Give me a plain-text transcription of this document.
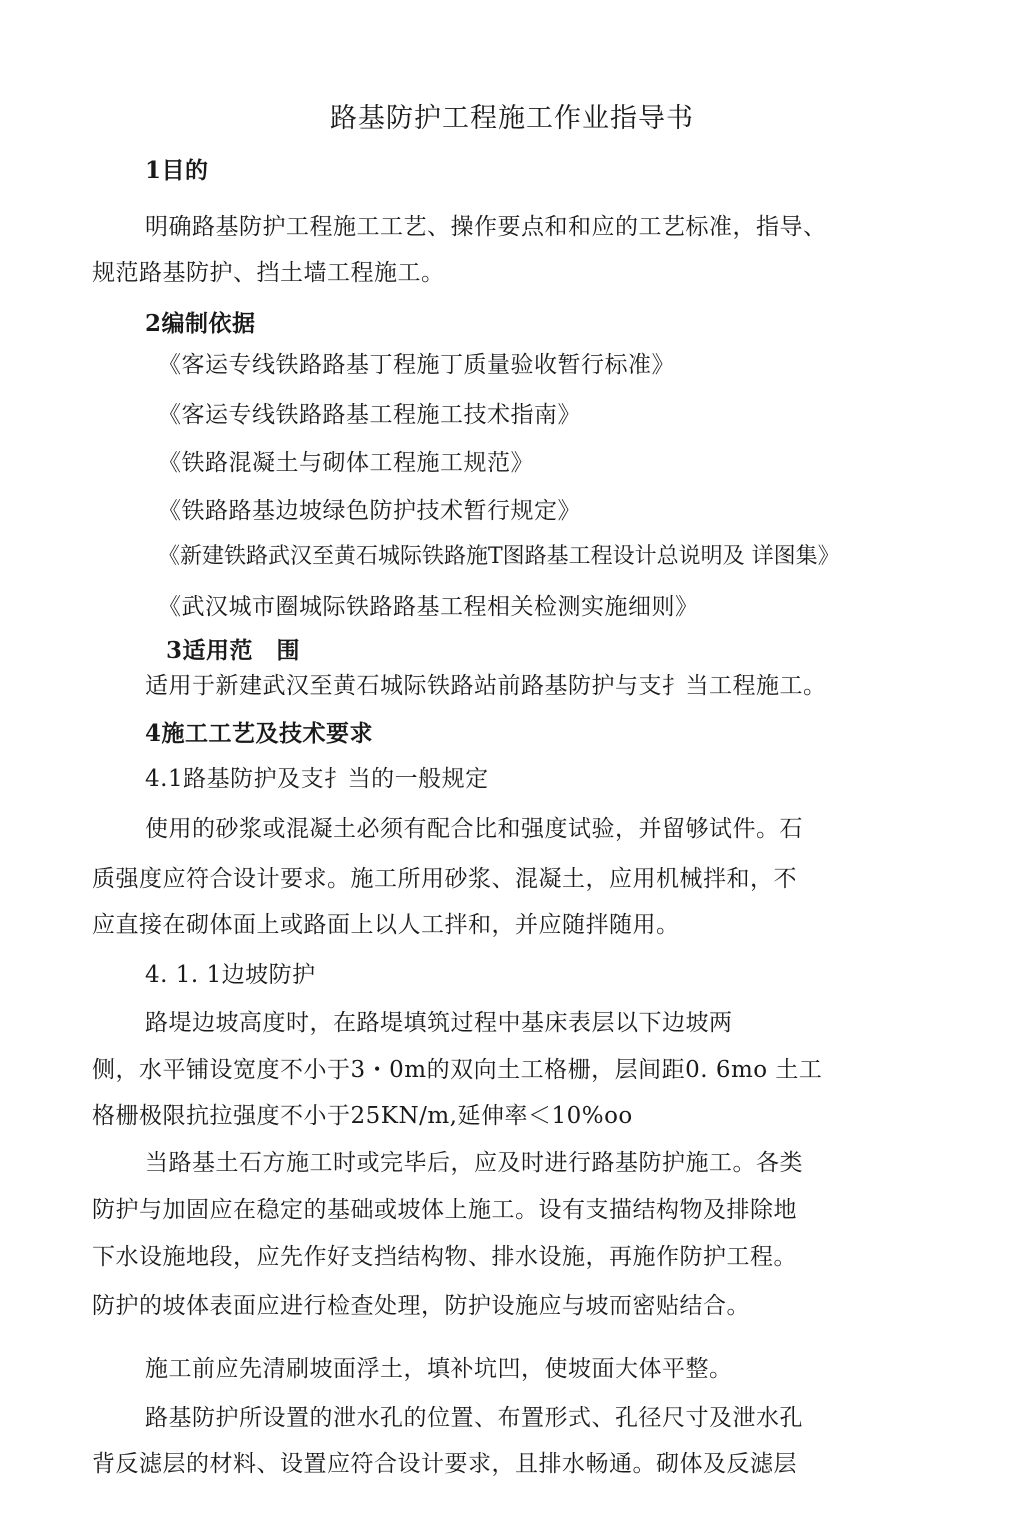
路基防护工程施工作业指导书
1目的
明确路基防护工程施工工艺、操作要点和和应的工艺标准，指导、
规范路基防护、挡土墙工程施工。
2编制依据
《客运专线铁路路基丁程施丁质量验收暂行标准》
《客运专线铁路路基工程施工技术指南》
《铁路混凝土与砌体工程施工规范》
《铁路路基边坡绿色防护技术暂行规定》
《新建铁路武汉至黄石城际铁路施T图路基工程设计总说明及 详图集》
《武汉城市圈城际铁路路基工程相关检测实施细则》
3适用范　围
适用于新建武汉至黄石城际铁路站前路基防护与支扌当工程施工。
4施工工艺及技术要求
4.1路基防护及支扌当的一般规定
使用的砂浆或混凝土必须有配合比和强度试验，并留够试件。石
质强度应符合设计要求。施工所用砂浆、混凝土，应用机械拌和，不
应直接在砌体面上或路面上以人工拌和，并应随拌随用。
4. 1. 1边坡防护
路堤边坡高度时，在路堤填筑过程中基床表层以下边坡两
侧，水平铺设宽度不小于3・0m的双向土工格栅，层间距0. 6mo 土工
格栅极限抗拉强度不小于25KN/m,延伸率＜10%oo
当路基土石方施工时或完毕后，应及时进行路基防护施工。各类
防护与加固应在稳定的基础或坡体上施工。设有支描结构物及排除地
下水设施地段，应先作好支挡结构物、排水设施，再施作防护工程。
防护的坡体表面应进行检查处理，防护设施应与坡而密贴结合。
施工前应先清刷坡面浮土，填补坑凹，使坡面大体平整。
路基防护所设置的泄水孔的位置、布置形式、孔径尺寸及泄水孔
背反滤层的材料、设置应符合设计要求，且排水畅通。砌体及反滤层
